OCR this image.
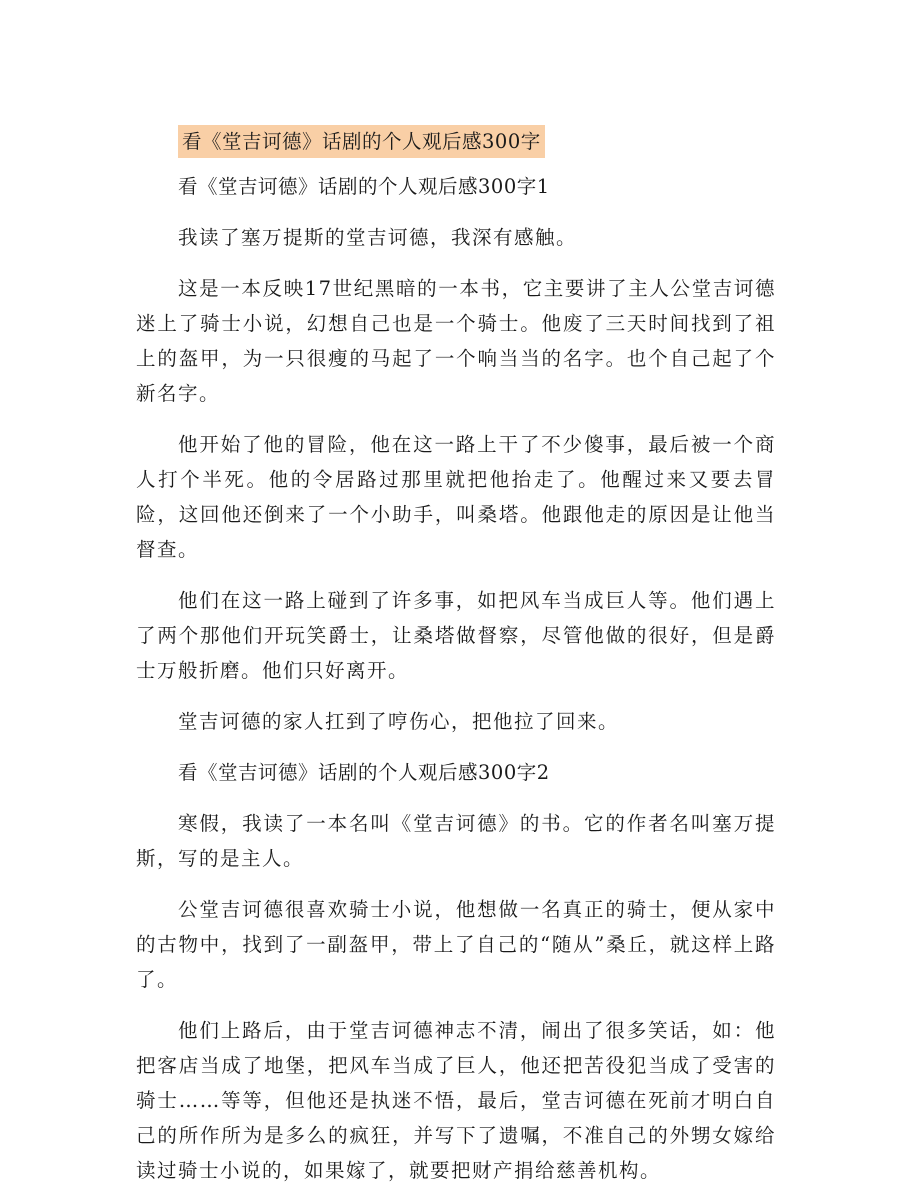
看《堂吉诃德》话剧的个人观后感300字
看《堂吉诃德》话剧的个人观后感300字1

我读了塞万提斯的堂吉诃德，我深有感触。

这是一本反映17世纪黑暗的一本书，它主要讲了主人公堂吉诃德迷上了骑士小说，幻想自己也是一个骑士。他废了三天时间找到了祖上的盔甲，为一只很瘦的马起了一个响当当的名字。也个自己起了个新名字。

他开始了他的冒险，他在这一路上干了不少傻事，最后被一个商人打个半死。他的令居路过那里就把他抬走了。他醒过来又要去冒险，这回他还倒来了一个小助手，叫桑塔。他跟他走的原因是让他当督查。

他们在这一路上碰到了许多事，如把风车当成巨人等。他们遇上了两个那他们开玩笑爵士，让桑塔做督察，尽管他做的很好，但是爵士万般折磨。他们只好离开。

堂吉诃德的家人扛到了哼伤心，把他拉了回来。

看《堂吉诃德》话剧的个人观后感300字2

寒假，我读了一本名叫《堂吉诃德》的书。它的作者名叫塞万提斯，写的是主人。

公堂吉诃德很喜欢骑士小说，他想做一名真正的骑士，便从家中的古物中，找到了一副盔甲，带上了自己的“随从”桑丘，就这样上路了。

他们上路后，由于堂吉诃德神志不清，闹出了很多笑话，如：他把客店当成了地堡，把风车当成了巨人，他还把苦役犯当成了受害的骑士……等等，但他还是执迷不悟，最后，堂吉诃德在死前才明白自己的所作所为是多么的疯狂，并写下了遗嘱，不准自己的外甥女嫁给读过骑士小说的，如果嫁了，就要把财产捐给慈善机构。
